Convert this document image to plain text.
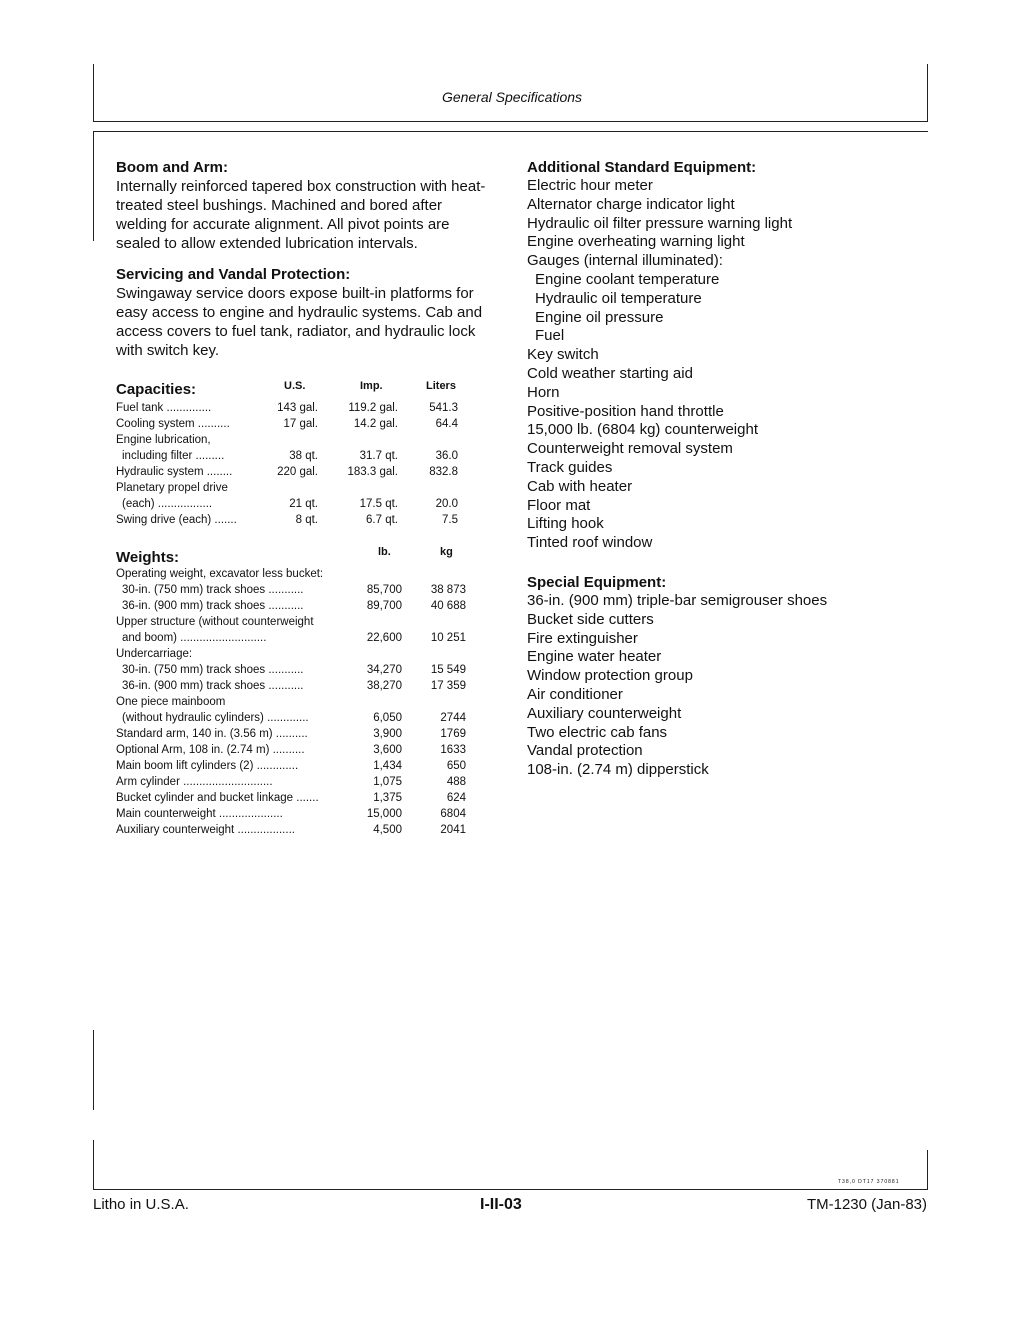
General Specifications
Boom and Arm:

Internally reinforced tapered box construction with heat-treated steel bushings. Machined and bored after welding for accurate alignment. All pivot points are sealed to allow extended lubrication intervals.

Servicing and Vandal Protection:

Swingaway service doors expose built-in platforms for easy access to engine and hydraulic systems. Cab and access covers to fuel tank, radiator, and hydraulic lock with switch key.

Capacities:	U.S.	Imp.	Liters
Fuel tank ..............	143 gal.	119.2 gal.	541.3
Cooling system ..........	17 gal.	14.2 gal.	64.4
Engine lubrication,
including filter .........	38 qt.	31.7 qt.	36.0
Hydraulic system ........	220 gal.	183.3 gal.	832.8
Planetary propel drive
(each) .................	21 qt.	17.5 qt.	20.0
Swing drive (each) .......	8 qt.	6.7 qt.	7.5
Weights:	lb.	kg
Operating weight, excavator less bucket:
30-in. (750 mm) track shoes ...........	85,700	38 873
36-in. (900 mm) track shoes ...........	89,700	40 688
Upper structure (without counterweight
and boom) ...........................	22,600	10 251
Undercarriage:
30-in. (750 mm) track shoes ...........	34,270	15 549
36-in. (900 mm) track shoes ...........	38,270	17 359
One piece mainboom
(without hydraulic cylinders) .............	6,050	2744
Standard arm, 140 in. (3.56 m) ..........	3,900	1769
Optional Arm, 108 in. (2.74 m) ..........	3,600	1633
Main boom lift cylinders (2) .............	1,434	650
Arm cylinder ............................	1,075	488
Bucket cylinder and bucket linkage .......	1,375	624
Main counterweight ....................	15,000	6804
Auxiliary counterweight ..................	4,500	2041
Additional Standard Equipment:
Electric hour meter
Alternator charge indicator light
Hydraulic oil filter pressure warning light
Engine overheating warning light
Gauges (internal illuminated):
Engine coolant temperature
Hydraulic oil temperature
Engine oil pressure
Fuel
Key switch
Cold weather starting aid
Horn
Positive-position hand throttle
15,000 lb. (6804 kg) counterweight
Counterweight removal system
Track guides
Cab with heater
Floor mat
Lifting hook
Tinted roof window
Special Equipment:
36-in. (900 mm) triple-bar semigrouser shoes
Bucket side cutters
Fire extinguisher
Engine water heater
Window protection group
Air conditioner
Auxiliary counterweight
Two electric cab fans
Vandal protection
108-in. (2.74 m) dipperstick
T38,0 DT17 370881
Litho in U.S.A.	I-II-03	TM-1230 (Jan-83)
